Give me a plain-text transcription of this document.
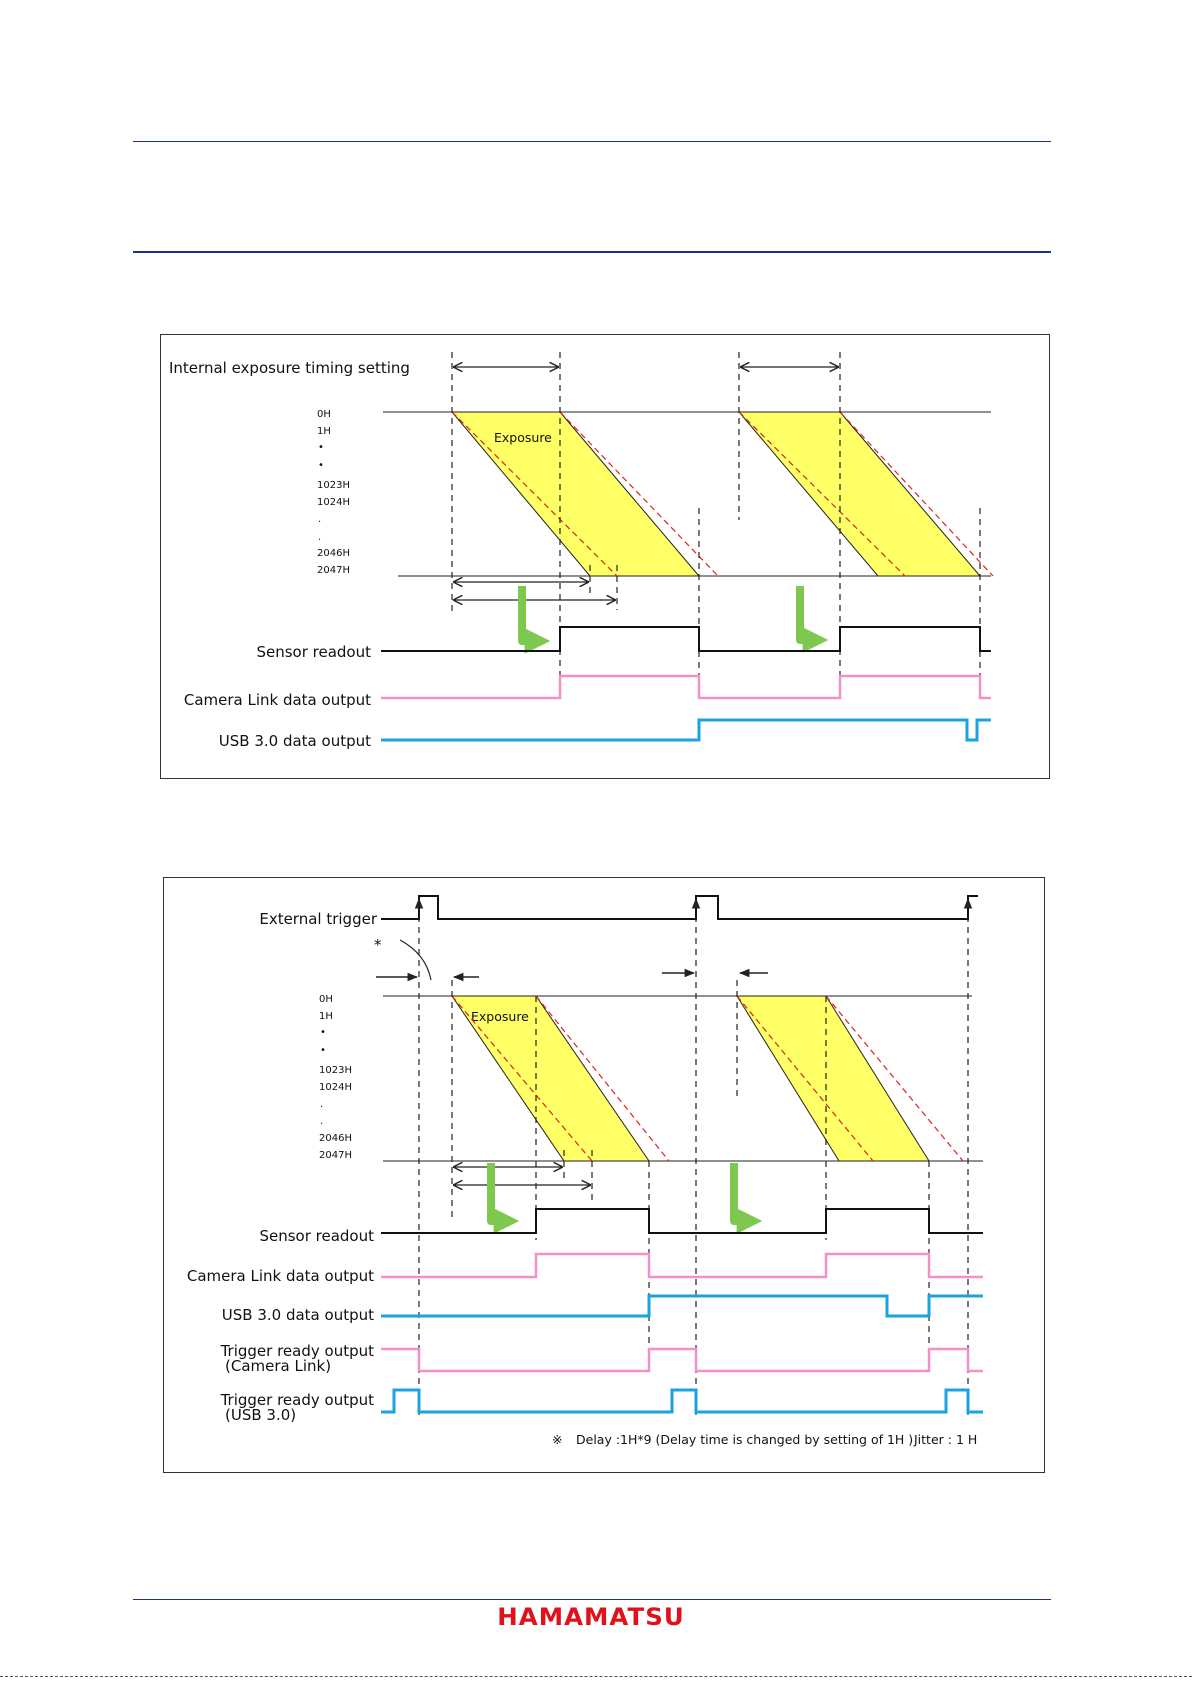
Internal exposure timing setting
0H
1H
•
•
1023H
1024H
.
.
2046H
2047H
Exposure
Sensor readout
Camera Link data output
USB 3.0 data output
External trigger
*
0H
1H
•
•
1023H
1024H
.
.
2046H
2047H
Exposure
Sensor readout
Camera Link data output
USB 3.0 data output
Trigger ready output
(Camera Link)
Trigger ready output
(USB 3.0)
※ Delay :1H*9 (Delay time is changed by setting of 1H ) Jitter : 1 H
HAMAMATSU
